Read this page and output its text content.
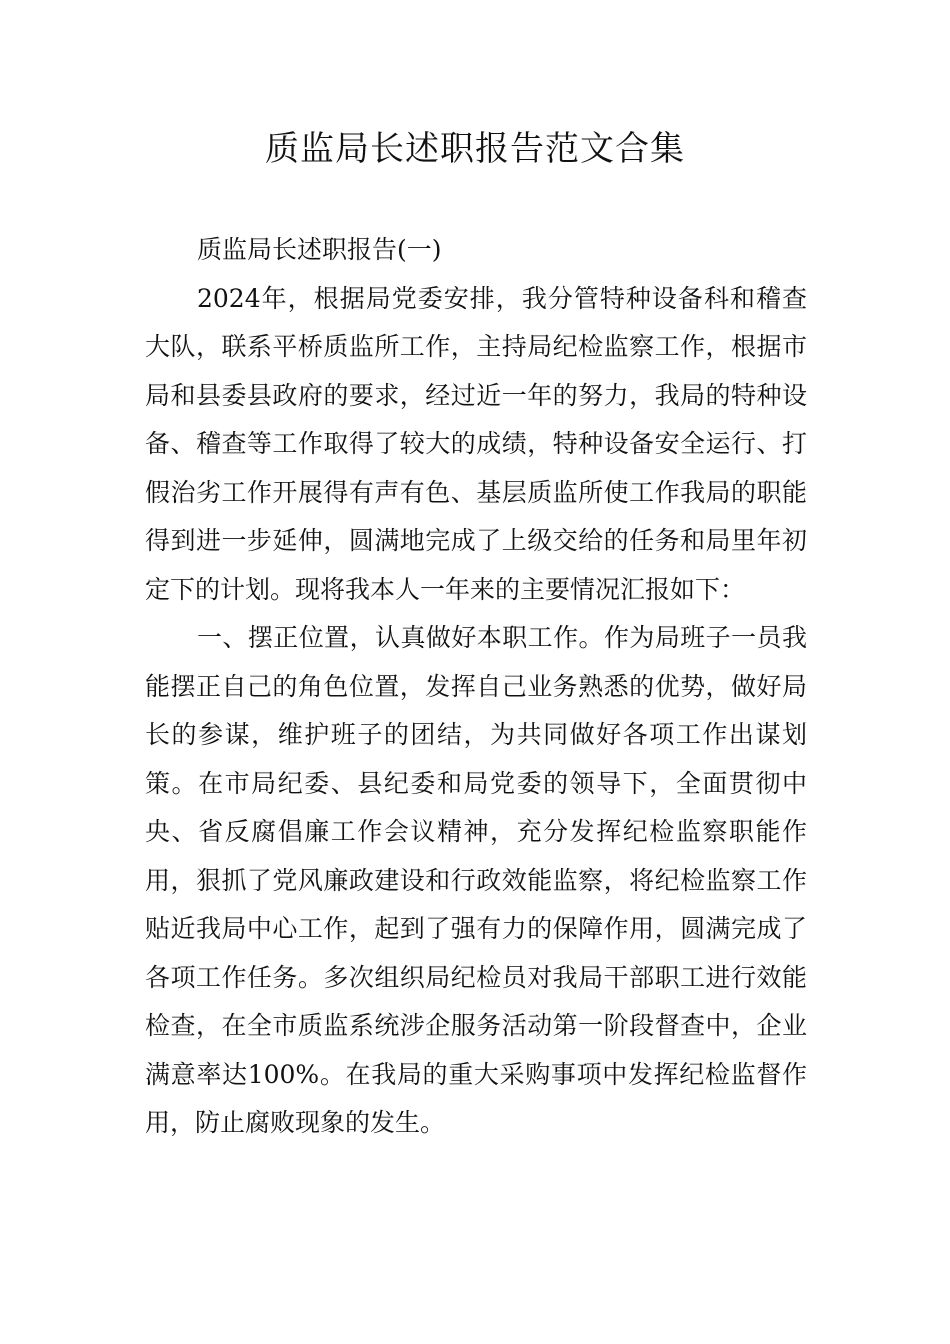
质监局长述职报告范文合集

质监局长述职报告(一)

2024年，根据局党委安排，我分管特种设备科和稽查大队，联系平桥质监所工作，主持局纪检监察工作，根据市局和县委县政府的要求，经过近一年的努力，我局的特种设备、稽查等工作取得了较大的成绩，特种设备安全运行、打假治劣工作开展得有声有色、基层质监所使工作我局的职能得到进一步延伸，圆满地完成了上级交给的任务和局里年初定下的计划。现将我本人一年来的主要情况汇报如下：

一、摆正位置，认真做好本职工作。作为局班子一员我能摆正自己的角色位置，发挥自己业务熟悉的优势，做好局长的参谋，维护班子的团结，为共同做好各项工作出谋划策。在市局纪委、县纪委和局党委的领导下，全面贯彻中央、省反腐倡廉工作会议精神，充分发挥纪检监察职能作用，狠抓了党风廉政建设和行政效能监察，将纪检监察工作贴近我局中心工作，起到了强有力的保障作用，圆满完成了各项工作任务。多次组织局纪检员对我局干部职工进行效能检查，在全市质监系统涉企服务活动第一阶段督查中，企业满意率达100%。在我局的重大采购事项中发挥纪检监督作用，防止腐败现象的发生。
